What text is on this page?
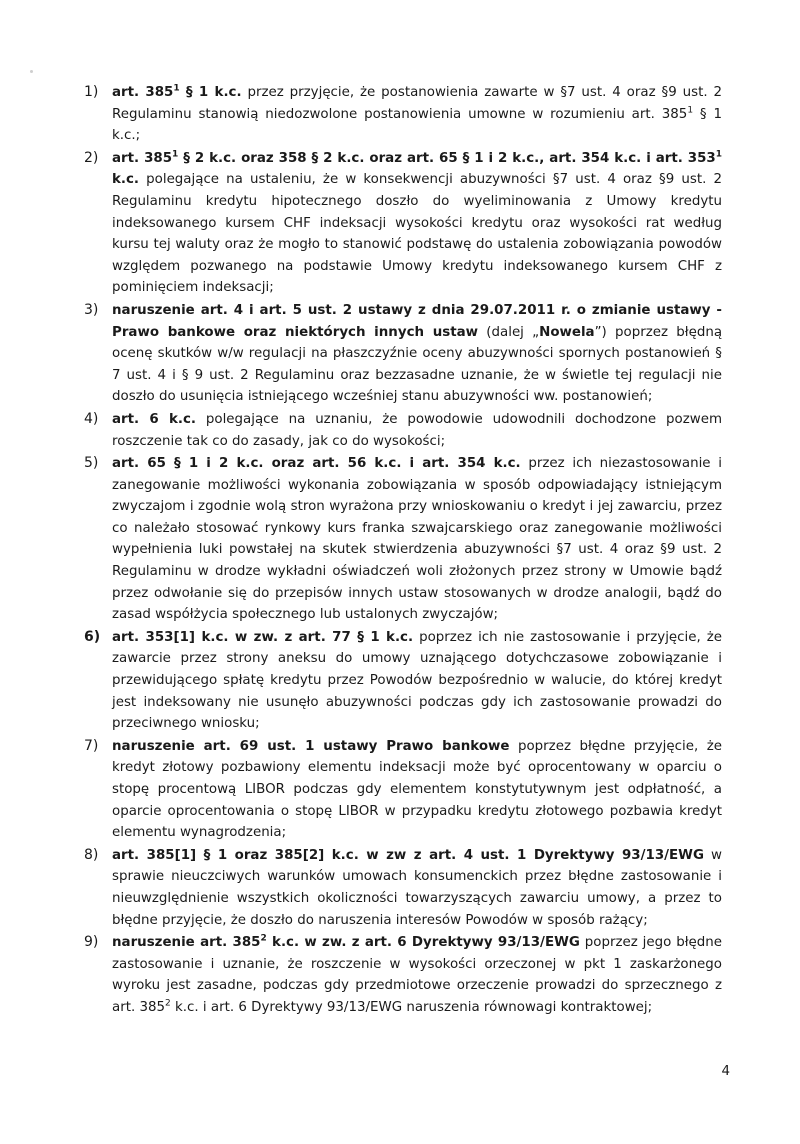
1) art. $385^1$ § 1 k.c. przez przyjęcie, że postanowienia zawarte w §7 ust. 4 oraz §9 ust. 2 Regulaminu stanowią niedozwolone postanowienia umowne w rozumieniu art. $385^1$ § 1 k.c.;
2) art. $385^1$ § 2 k.c. oraz 358 § 2 k.c. oraz art. 65 § 1 i 2 k.c., art. 354 k.c. i art. $353^1$ k.c. polegające na ustaleniu, że w konsekwencji abuzywności §7 ust. 4 oraz §9 ust. 2 Regulaminu kredytu hipotecznego doszło do wyeliminowania z Umowy kredytu indeksowanego kursem CHF indeksacji wysokości kredytu oraz wysokości rat według kursu tej waluty oraz że mogło to stanowić podstawę do ustalenia zobowiązania powodów względem pozwanego na podstawie Umowy kredytu indeksowanego kursem CHF z pominięciem indeksacji;
3) naruszenie art. 4 i art. 5 ust. 2 ustawy z dnia 29.07.2011 r. o zmianie ustawy - Prawo bankowe oraz niektórych innych ustaw (dalej „Nowela”) poprzez błędną ocenę skutków w/w regulacji na płaszczyźnie oceny abuzywności spornych postanowień § 7 ust. 4 i § 9 ust. 2 Regulaminu oraz bezzasadne uznanie, że w świetle tej regulacji nie doszło do usunięcia istniejącego wcześniej stanu abuzywności ww. postanowień;
4) art. 6 k.c. polegające na uznaniu, że powodowie udowodnili dochodzone pozwem roszczenie tak co do zasady, jak co do wysokości;
5) art. 65 § 1 i 2 k.c. oraz art. 56 k.c. i art. 354 k.c. przez ich niezastosowanie i zanegowanie możliwości wykonania zobowiązania w sposób odpowiadający istniejącym zwyczajom i zgodnie wolą stron wyrażona przy wnioskowaniu o kredyt i jej zawarciu, przez co należało stosować rynkowy kurs franka szwajcarskiego oraz zanegowanie możliwości wypełnienia luki powstałej na skutek stwierdzenia abuzywności §7 ust. 4 oraz §9 ust. 2 Regulaminu w drodze wykładni oświadczeń woli złożonych przez strony w Umowie bądź przez odwołanie się do przepisów innych ustaw stosowanych w drodze analogii, bądź do zasad współżycia społecznego lub ustalonych zwyczajów;
6) art. 353[1] k.c. w zw. z art. 77 § 1 k.c. poprzez ich nie zastosowanie i przyjęcie, że zawarcie przez strony aneksu do umowy uznającego dotychczasowe zobowiązanie i przewidującego spłatę kredytu przez Powodów bezpośrednio w walucie, do której kredyt jest indeksowany nie usunęło abuzywności podczas gdy ich zastosowanie prowadzi do przeciwnego wniosku;
7) naruszenie art. 69 ust. 1 ustawy Prawo bankowe poprzez błędne przyjęcie, że kredyt złotowy pozbawiony elementu indeksacji może być oprocentowany w oparciu o stopę procentową LIBOR podczas gdy elementem konstytutywnym jest odpłatność, a oparcie oprocentowania o stopę LIBOR w przypadku kredytu złotowego pozbawia kredyt elementu wynagrodzenia;
8) art. 385[1] § 1 oraz 385[2] k.c. w zw z art. 4 ust. 1 Dyrektywy 93/13/EWG w sprawie nieuczciwych warunków umowach konsumenckich przez błędne zastosowanie i nieuwzględnienie wszystkich okoliczności towarzyszących zawarciu umowy, a przez to błędne przyjęcie, że doszło do naruszenia interesów Powodów w sposób rażący;
9) naruszenie art. $385^2$ k.c. w zw. z art. 6 Dyrektywy 93/13/EWG poprzez jego błędne zastosowanie i uznanie, że roszczenie w wysokości orzeczonej w pkt 1 zaskarżonego wyroku jest zasadne, podczas gdy przedmiotowe orzeczenie prowadzi do sprzecznego z art. $385^2$ k.c. i art. 6 Dyrektywy 93/13/EWG naruszenia równowagi kontraktowej;
4
